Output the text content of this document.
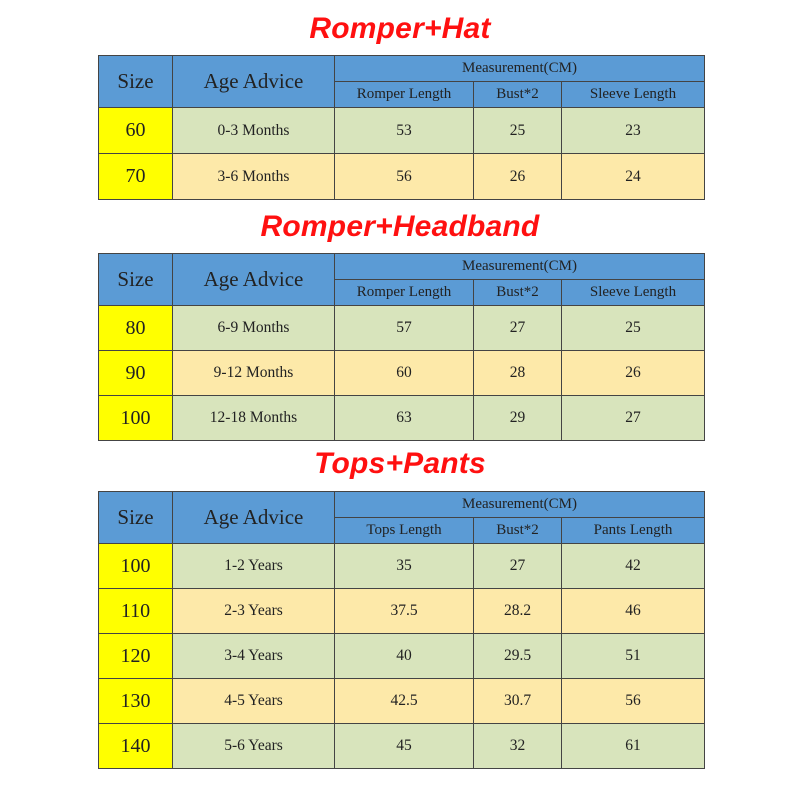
Romper+Hat
Size	Age Advice	Measurement(CM)		
		Romper Length	Bust*2	Sleeve Length
60	0-3 Months	53	25	23
70	3-6 Months	56	26	24
Romper+Headband
Size	Age Advice	Measurement(CM)		
		Romper Length	Bust*2	Sleeve Length
80	6-9 Months	57	27	25
90	9-12 Months	60	28	26
100	12-18 Months	63	29	27
Tops+Pants
Size	Age Advice	Measurement(CM)		
		Tops Length	Bust*2	Pants Length
100	1-2 Years	35	27	42
110	2-3 Years	37.5	28.2	46
120	3-4 Years	40	29.5	51
130	4-5 Years	42.5	30.7	56
140	5-6 Years	45	32	61
